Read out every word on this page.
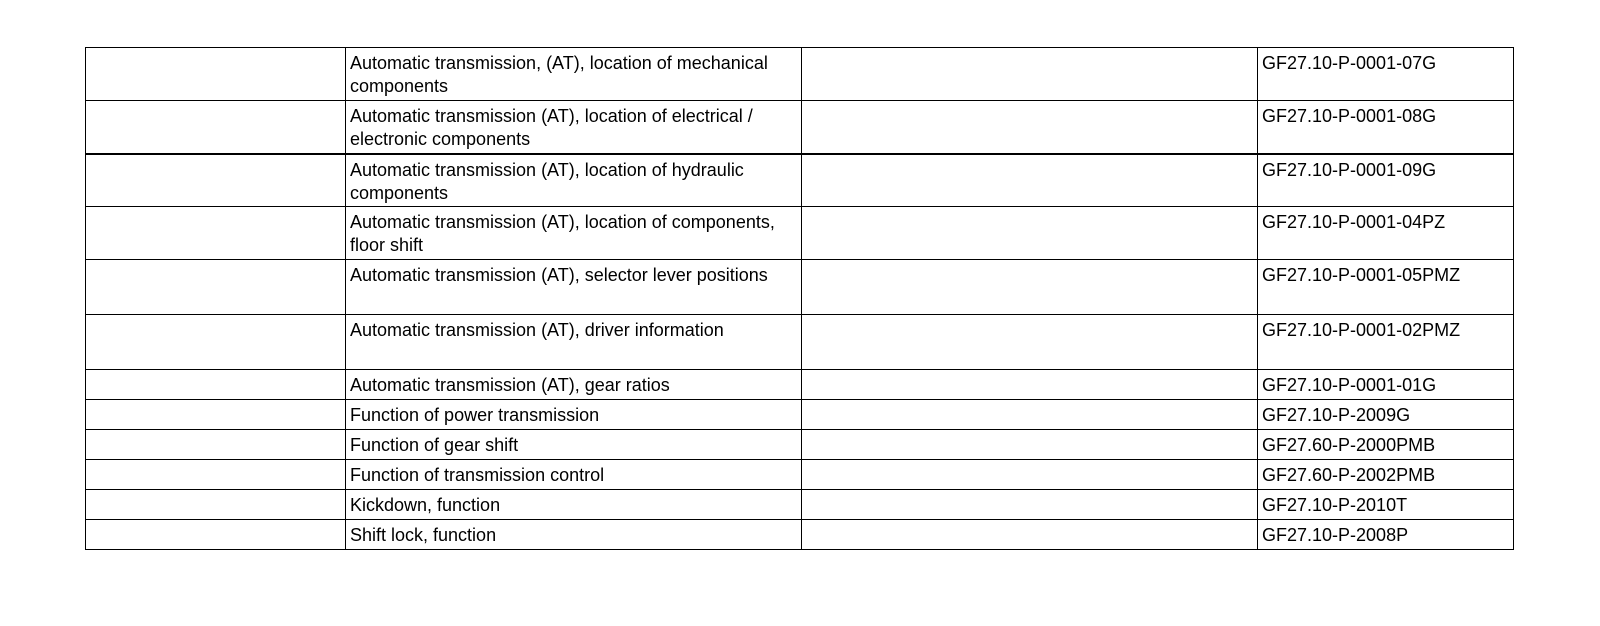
	Automatic transmission, (AT), location of mechanical components		GF27.10-P-0001-07G
	Automatic transmission (AT), location of electrical / electronic components		GF27.10-P-0001-08G
	Automatic transmission (AT), location of hydraulic components		GF27.10-P-0001-09G
	Automatic transmission (AT), location of components, floor shift		GF27.10-P-0001-04PZ
	Automatic transmission (AT), selector lever positions		GF27.10-P-0001-05PMZ
	Automatic transmission (AT), driver information		GF27.10-P-0001-02PMZ
	Automatic transmission (AT), gear ratios		GF27.10-P-0001-01G
	Function of power transmission		GF27.10-P-2009G
	Function of gear shift		GF27.60-P-2000PMB
	Function of transmission control		GF27.60-P-2002PMB
	Kickdown, function		GF27.10-P-2010T
	Shift lock, function		GF27.10-P-2008P
